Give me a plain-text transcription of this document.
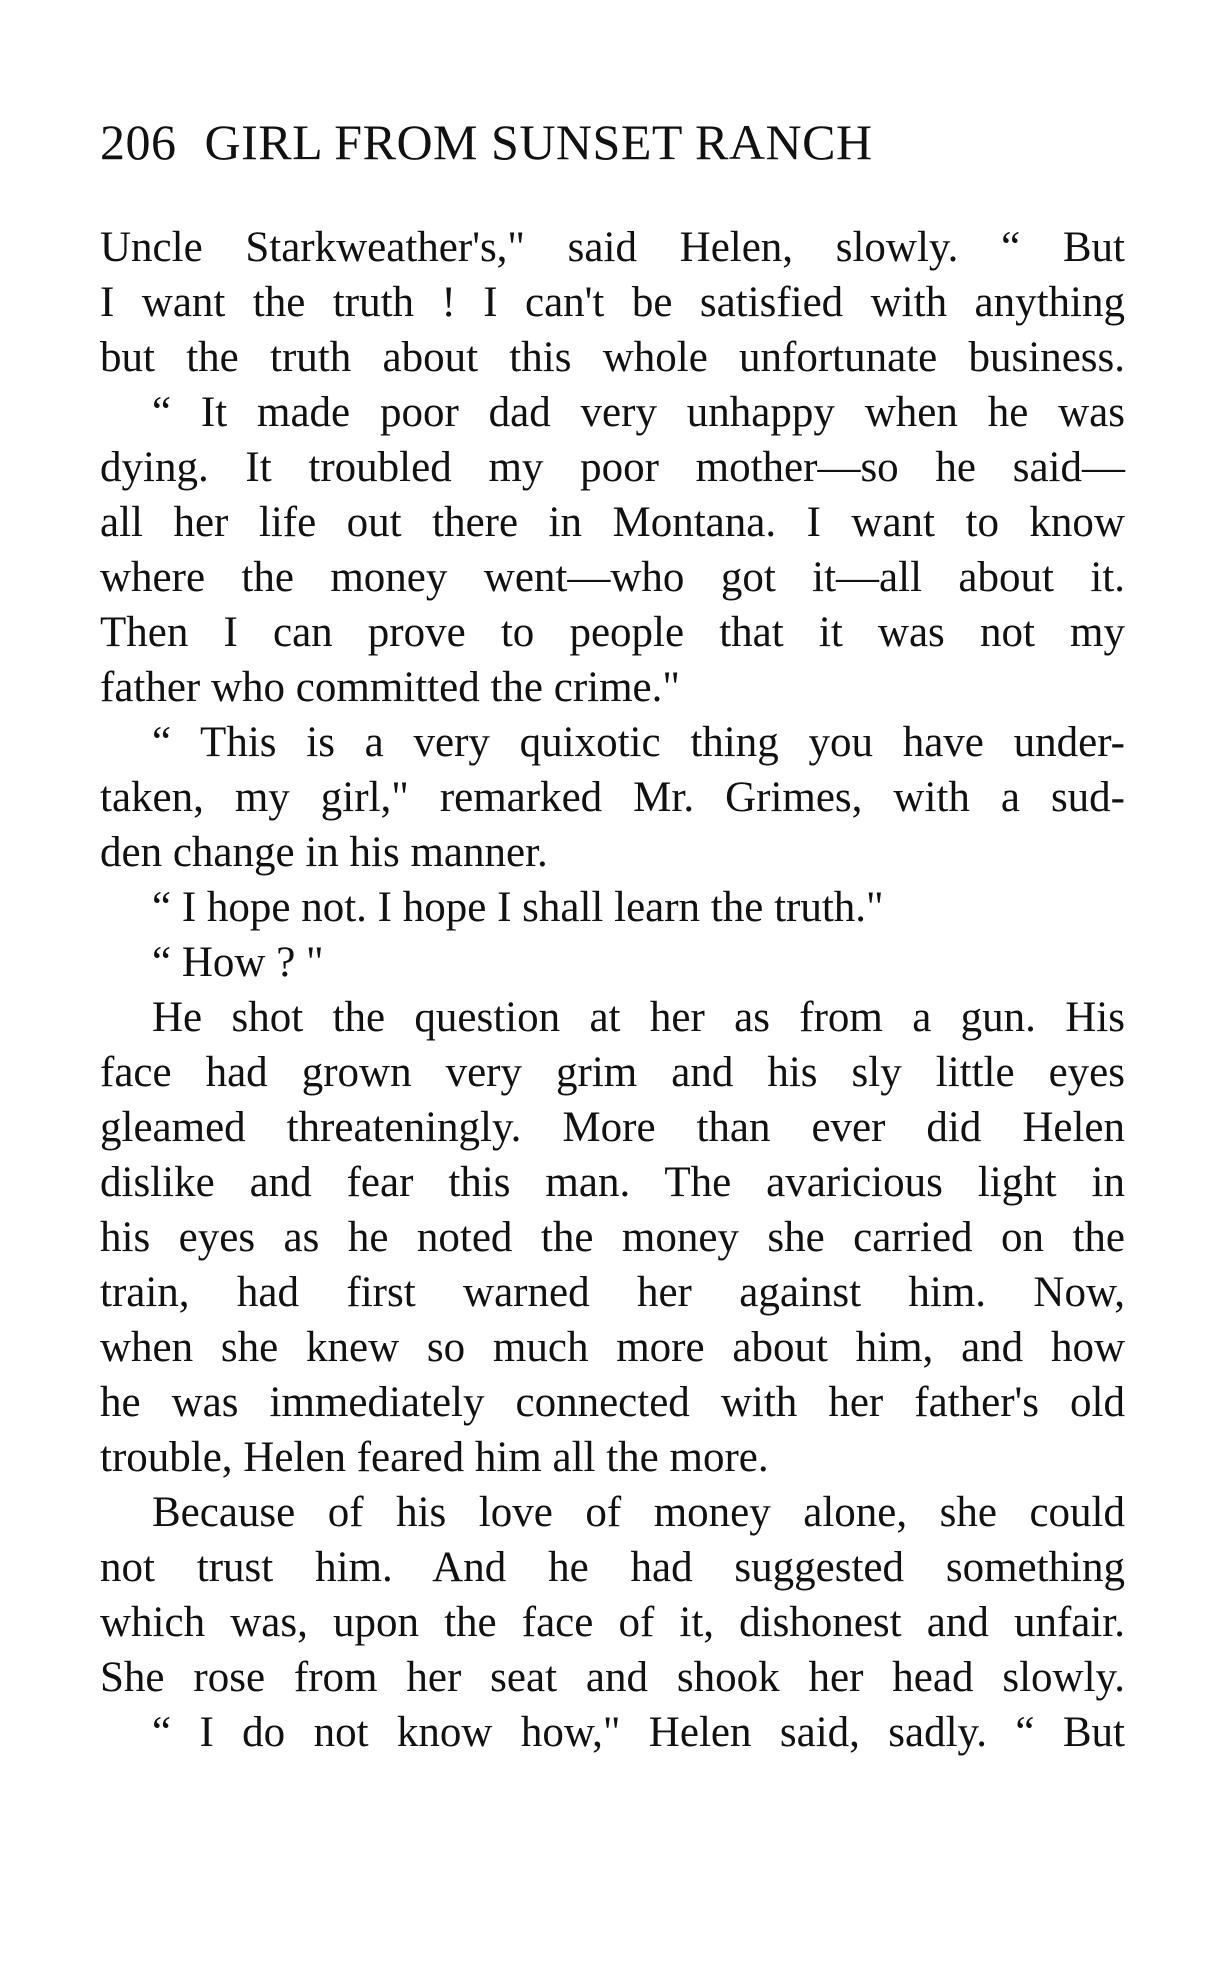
206 GIRL FROM SUNSET RANCH
Uncle Starkweather's," said Helen, slowly. “ But
I want the truth ! I can't be satisfied with anything
but the truth about this whole unfortunate business.
“ It made poor dad very unhappy when he was
dying. It troubled my poor mother—so he said—
all her life out there in Montana. I want to know
where the money went—who got it—all about it.
Then I can prove to people that it was not my
father who committed the crime."
“ This is a very quixotic thing you have under-
taken, my girl," remarked Mr. Grimes, with a sud-
den change in his manner.
“ I hope not. I hope I shall learn the truth."
“ How ? "
He shot the question at her as from a gun. His
face had grown very grim and his sly little eyes
gleamed threateningly. More than ever did Helen
dislike and fear this man. The avaricious light in
his eyes as he noted the money she carried on the
train, had first warned her against him. Now,
when she knew so much more about him, and how
he was immediately connected with her father's old
trouble, Helen feared him all the more.
Because of his love of money alone, she could
not trust him. And he had suggested something
which was, upon the face of it, dishonest and unfair.
She rose from her seat and shook her head slowly.
“ I do not know how," Helen said, sadly. “ But
